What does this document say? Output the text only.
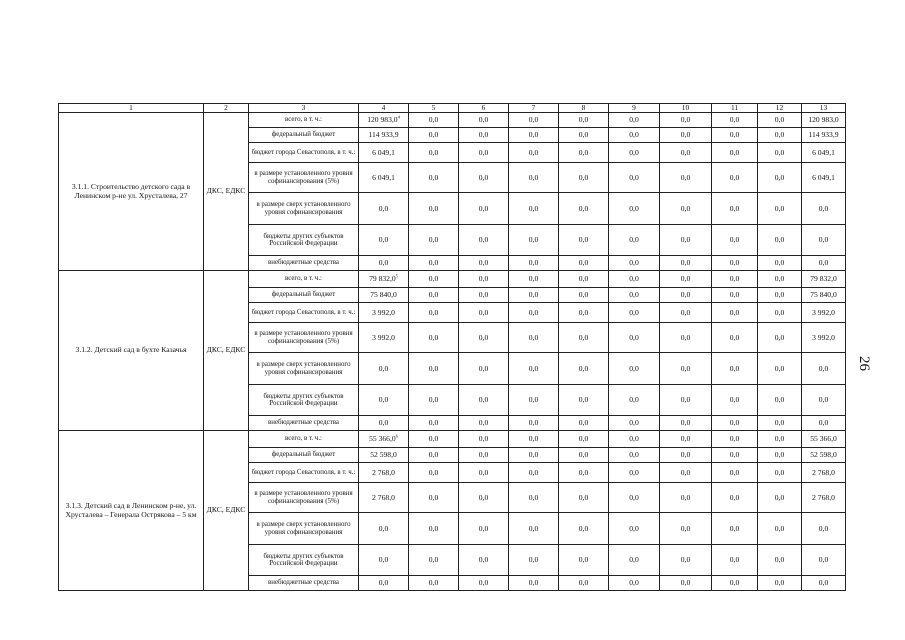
1	2	3	4	5	6	7	8	9	10	11	12	13
3.1.1. Строительство детского сада в Ленинском р-не ул. Хрусталева, 27	ДКС, ЕДКС	всего, в т. ч.:	120 983,0$^4$	0,0	0,0	0,0	0,0	0,0	0,0	0,0	0,0	120 983,0
		федеральный бюджет	114 933,9	0,0	0,0	0,0	0,0	0,0	0,0	0,0	0,0	114 933,9
		бюджет города Севастополя, в т. ч.:	6 049,1	0,0	0,0	0,0	0,0	0,0	0,0	0,0	0,0	6 049,1
		в размере установленного уровня софинансирования (5%)	6 049,1	0,0	0,0	0,0	0,0	0,0	0,0	0,0	0,0	6 049,1
		в размере сверх установленного уровня софинансирования	0,0	0,0	0,0	0,0	0,0	0,0	0,0	0,0	0,0	0,0
		бюджеты других субъектов Российской Федерации	0,0	0,0	0,0	0,0	0,0	0,0	0,0	0,0	0,0	0,0
		внебюджетные средства	0,0	0,0	0,0	0,0	0,0	0,0	0,0	0,0	0,0	0,0
3.1.2. Детский сад в бухте Казачья	ДКС, ЕДКС	всего, в т. ч.:	79 832,0$^5$	0,0	0,0	0,0	0,0	0,0	0,0	0,0	0,0	79 832,0
		федеральный бюджет	75 840,0	0,0	0,0	0,0	0,0	0,0	0,0	0,0	0,0	75 840,0
		бюджет города Севастополя, в т. ч.:	3 992,0	0,0	0,0	0,0	0,0	0,0	0,0	0,0	0,0	3 992,0
		в размере установленного уровня софинансирования (5%)	3 992,0	0,0	0,0	0,0	0,0	0,0	0,0	0,0	0,0	3 992,0
		в размере сверх установленного уровня софинансирования	0,0	0,0	0,0	0,0	0,0	0,0	0,0	0,0	0,0	0,0
		бюджеты других субъектов Российской Федерации	0,0	0,0	0,0	0,0	0,0	0,0	0,0	0,0	0,0	0,0
		внебюджетные средства	0,0	0,0	0,0	0,0	0,0	0,0	0,0	0,0	0,0	0,0
3.1.3. Детский сад в Ленинском р-не, ул. Хрусталева – Генерала Острякова – 5 км	ДКС, ЕДКС	всего, в т. ч.:	55 366,0$^6$	0,0	0,0	0,0	0,0	0,0	0,0	0,0	0,0	55 366,0
		федеральный бюджет	52 598,0	0,0	0,0	0,0	0,0	0,0	0,0	0,0	0,0	52 598,0
		бюджет города Севастополя, в т. ч.:	2 768,0	0,0	0,0	0,0	0,0	0,0	0,0	0,0	0,0	2 768,0
		в размере установленного уровня софинансирования (5%)	2 768,0	0,0	0,0	0,0	0,0	0,0	0,0	0,0	0,0	2 768,0
		в размере сверх установленного уровня софинансирования	0,0	0,0	0,0	0,0	0,0	0,0	0,0	0,0	0,0	0,0
		бюджеты других субъектов Российской Федерации	0,0	0,0	0,0	0,0	0,0	0,0	0,0	0,0	0,0	0,0
		внебюджетные средства	0,0	0,0	0,0	0,0	0,0	0,0	0,0	0,0	0,0	0,0
26
